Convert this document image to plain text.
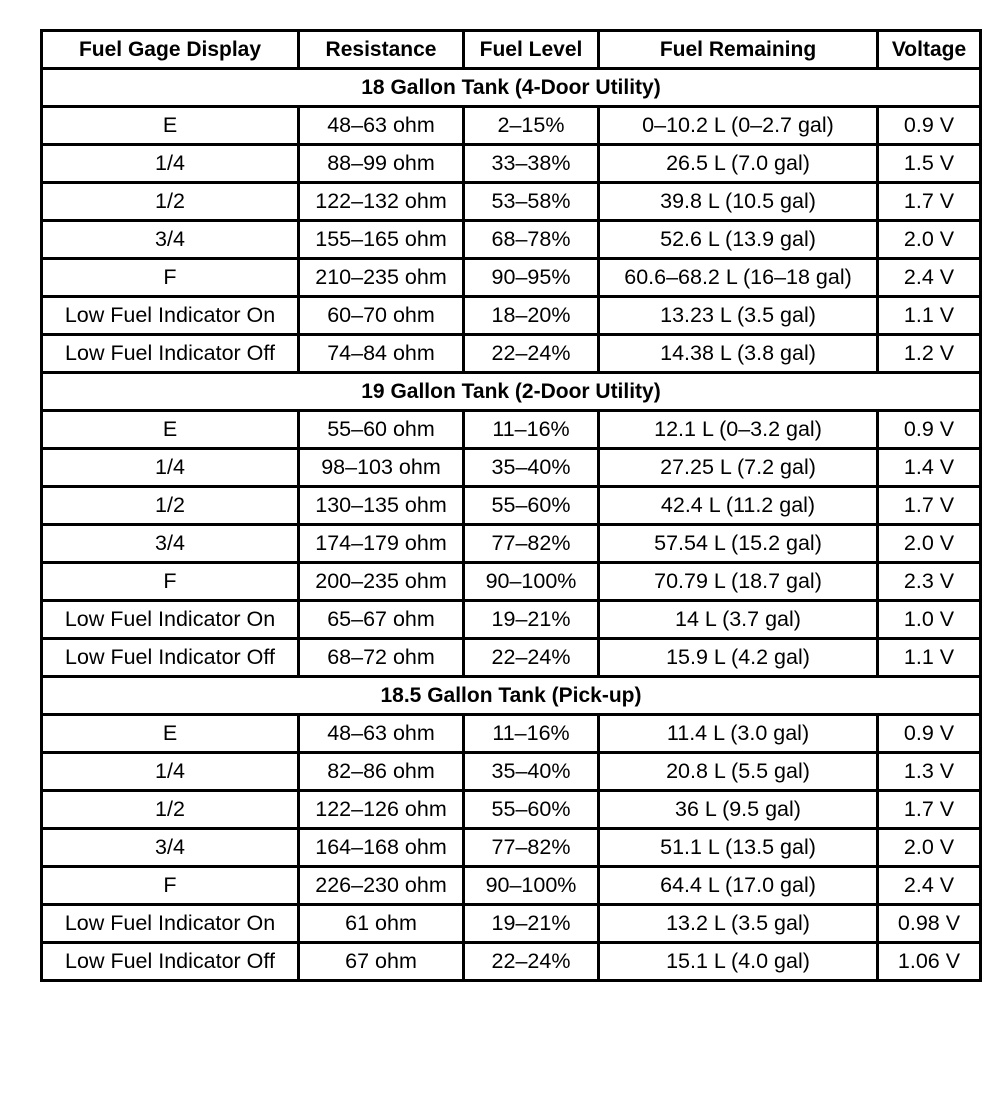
Fuel Gage Display	Resistance	Fuel Level	Fuel Remaining	Voltage
18 Gallon Tank (4-Door Utility)				
E	48–63 ohm	2–15%	0–10.2 L (0–2.7 gal)	0.9 V
1/4	88–99 ohm	33–38%	26.5 L (7.0 gal)	1.5 V
1/2	122–132 ohm	53–58%	39.8 L (10.5 gal)	1.7 V
3/4	155–165 ohm	68–78%	52.6 L (13.9 gal)	2.0 V
F	210–235 ohm	90–95%	60.6–68.2 L (16–18 gal)	2.4 V
Low Fuel Indicator On	60–70 ohm	18–20%	13.23 L (3.5 gal)	1.1 V
Low Fuel Indicator Off	74–84 ohm	22–24%	14.38 L (3.8 gal)	1.2 V
19 Gallon Tank (2-Door Utility)				
E	55–60 ohm	11–16%	12.1 L (0–3.2 gal)	0.9 V
1/4	98–103 ohm	35–40%	27.25 L (7.2 gal)	1.4 V
1/2	130–135 ohm	55–60%	42.4 L (11.2 gal)	1.7 V
3/4	174–179 ohm	77–82%	57.54 L (15.2 gal)	2.0 V
F	200–235 ohm	90–100%	70.79 L (18.7 gal)	2.3 V
Low Fuel Indicator On	65–67 ohm	19–21%	14 L (3.7 gal)	1.0 V
Low Fuel Indicator Off	68–72 ohm	22–24%	15.9 L (4.2 gal)	1.1 V
18.5 Gallon Tank (Pick-up)				
E	48–63 ohm	11–16%	11.4 L (3.0 gal)	0.9 V
1/4	82–86 ohm	35–40%	20.8 L (5.5 gal)	1.3 V
1/2	122–126 ohm	55–60%	36 L (9.5 gal)	1.7 V
3/4	164–168 ohm	77–82%	51.1 L (13.5 gal)	2.0 V
F	226–230 ohm	90–100%	64.4 L (17.0 gal)	2.4 V
Low Fuel Indicator On	61 ohm	19–21%	13.2 L (3.5 gal)	0.98 V
Low Fuel Indicator Off	67 ohm	22–24%	15.1 L (4.0 gal)	1.06 V
